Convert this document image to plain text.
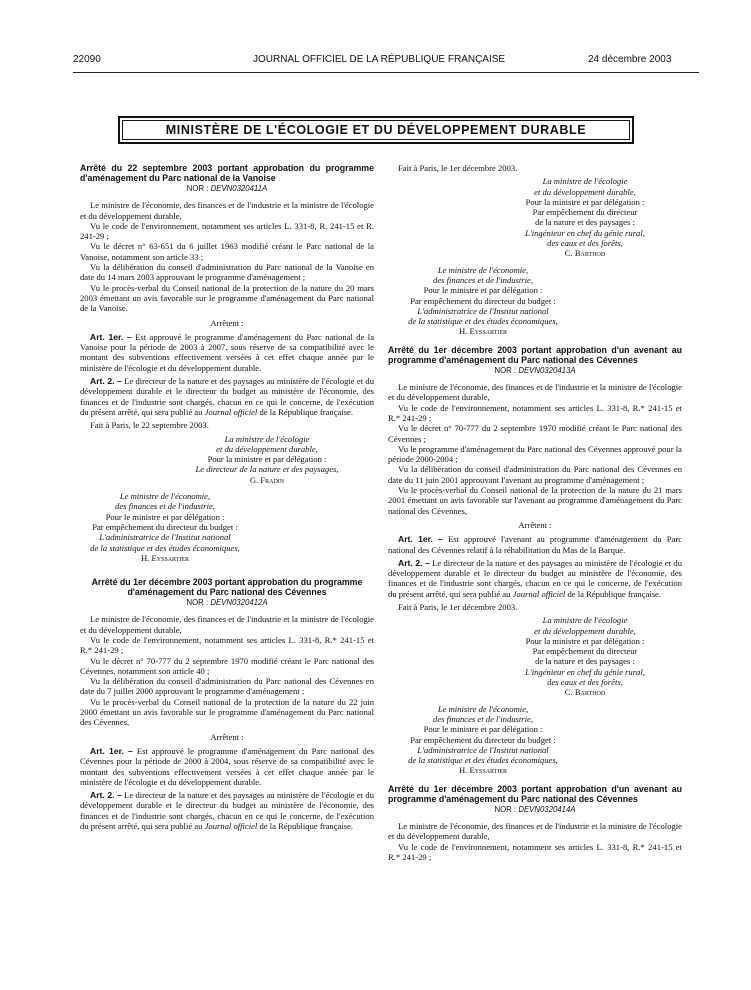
22090	JOURNAL OFFICIEL DE LA RÉPUBLIQUE FRANÇAISE	24 décembre 2003
MINISTÈRE DE L'ÉCOLOGIE ET DU DÉVELOPPEMENT DURABLE

Arrêté du 22 septembre 2003 portant approbation du programme d'aménagement du Parc national de la Vanoise

NOR : DEVN0320411A

Le ministre de l'économie, des finances et de l'industrie et la ministre de l'écologie et du développement durable,

Vu le code de l'environnement, notamment ses articles L. 331-8, R. 241-15 et R. 241-29 ;

Vu le décret n° 63-651 du 6 juillet 1963 modifié créant le Parc national de la Vanoise, notamment son article 33 ;

Vu la délibération du conseil d'administration du Parc national de la Vanoise en date du 14 mars 2003 approuvant le programme d'aménagement ;

Vu le procès-verbal du Conseil national de la protection de la nature du 20 mars 2003 émettant un avis favorable sur le programme d'aménagement du Parc national de la Vanoise.

Arrêtent :

Art. 1er. – Est approuvé le programme d'aménagement du Parc national de la Vanoise pour la période de 2003 à 2007, sous réserve de sa compatibilité avec le montant des subventions effectivement versées à cet effet chaque année par le ministère de l'écologie et du développement durable.

Art. 2. – Le directeur de la nature et des paysages au ministère de l'écologie et du développement durable et le directeur du budget au ministère de l'économie, des finances et de l'industrie sont chargés, chacun en ce qui le concerne, de l'exécution du présent arrêté, qui sera publié au Journal officiel de la République française.

Fait à Paris, le 22 septembre 2003.

La ministre de l'écologie
et du développement durable,
Pour la ministre et par délégation :
Le directeur de la nature et des paysages,
G. Fradin
Le ministre de l'économie,
des finances et de l'industrie,
Pour le ministre et par délégation :
Par empêchement du directeur du budget :
L'administratrice de l'Institut national
de la statistique et des études économiques,
H. Eyssartier

Arrêté du 1er décembre 2003 portant approbation du programme d'aménagement du Parc national des Cévennes

NOR : DEVN0320412A

Le ministre de l'économie, des finances et de l'industrie et la ministre de l'écologie et du développement durable,

Vu le code de l'environnement, notamment ses articles L. 331-8, R.* 241-15 et R.* 241-29 ;

Vu le décret n° 70-777 du 2 septembre 1970 modifié créant le Parc national des Cévennes, notamment son article 40 ;

Vu la délibération du conseil d'administration du Parc national des Cévennes en date du 7 juillet 2000 approuvant le programme d'aménagement ;

Vu le procès-verbal du Conseil national de la protection de la nature du 22 juin 2000 émettant un avis favorable sur le programme d'aménagement du Parc national des Cévennes,

Arrêtent :

Art. 1er. – Est approuvé le programme d'aménagement du Parc national des Cévennes pour la période de 2000 à 2004, sous réserve de sa compatibilité avec le montant des subventions effectivement versées à cet effet chaque année par le ministère de l'écologie et du développement durable.

Art. 2. – Le directeur de la nature et des paysages au ministère de l'écologie et du développement durable et le directeur du budget au ministère de l'économie, des finances et de l'industrie sont chargés, chacun en ce qui le concerne, de l'exécution du présent arrêté, qui sera publié au Journal officiel de la République française.

Fait à Paris, le 1er décembre 2003.

La ministre de l'écologie
et du développement durable,
Pour la ministre et par délégation :
Par empêchement du directeur
de la nature et des paysages :
L'ingénieur en chef du génie rural,
des eaux et des forêts,
C. Barthod
Le ministre de l'économie,
des finances et de l'industrie,
Pour le ministre et par délégation :
Par empêchement du directeur du budget :
L'administratrice de l'Institut national
de la statistique et des études économiques,
H. Eyssartier

Arrêté du 1er décembre 2003 portant approbation d'un avenant au programme d'aménagement du Parc national des Cévennes

NOR : DEVN0320413A

Le ministre de l'économie, des finances et de l'industrie et la ministre de l'écologie et du développement durable,

Vu le code de l'environnement, notamment ses articles L. 331-8, R.* 241-15 et R.* 241-29 ;

Vu le décret n° 70-777 du 2 septembre 1970 modifié créant le Parc national des Cévennes ;

Vu le programme d'aménagement du Parc national des Cévennes approuvé pour la période 2000-2004 ;

Vu la délibération du conseil d'administration du Parc national des Cévennes en date du 11 juin 2001 approuvant l'avenant au programme d'aménagement ;

Vu le procès-verbal du Conseil national de la protection de la nature du 21 mars 2001 émettant un avis favorable sur l'avenant au programme d'aménagement du Parc national des Cévennes,

Arrêtent :

Art. 1er. – Est approuvé l'avenant au programme d'aménagement du Parc national des Cévennes relatif à la réhabilitation du Mas de la Barque.

Art. 2. – Le directeur de la nature et des paysages au ministère de l'écologie et du développement durable et le directeur du budget au ministère de l'économie, des finances et de l'industrie sont chargés, chacun en ce qui le concerne, de l'exécution du présent arrêté, qui sera publié au Journal officiel de la République française.

Fait à Paris, le 1er décembre 2003.

La ministre de l'écologie
et du développement durable,
Pour la ministre et par délégation :
Par empêchement du directeur
de la nature et des paysages :
L'ingénieur en chef du génie rural,
des eaux et des forêts,
C. Barthod
Le ministre de l'économie,
des finances et de l'industrie,
Pour le ministre et par délégation :
Par empêchement du directeur du budget :
L'administratrice de l'Institut national
de la statistique et des études économiques,
H. Eyssartier

Arrêté du 1er décembre 2003 portant approbation d'un avenant au programme d'aménagement du Parc national des Cévennes

NOR : DEVN0320414A

Le ministre de l'économie, des finances et de l'industrie et la ministre de l'écologie et du développement durable,

Vu le code de l'environnement, notamment ses articles L. 331-8, R.* 241-15 et R.* 241-29 ;
